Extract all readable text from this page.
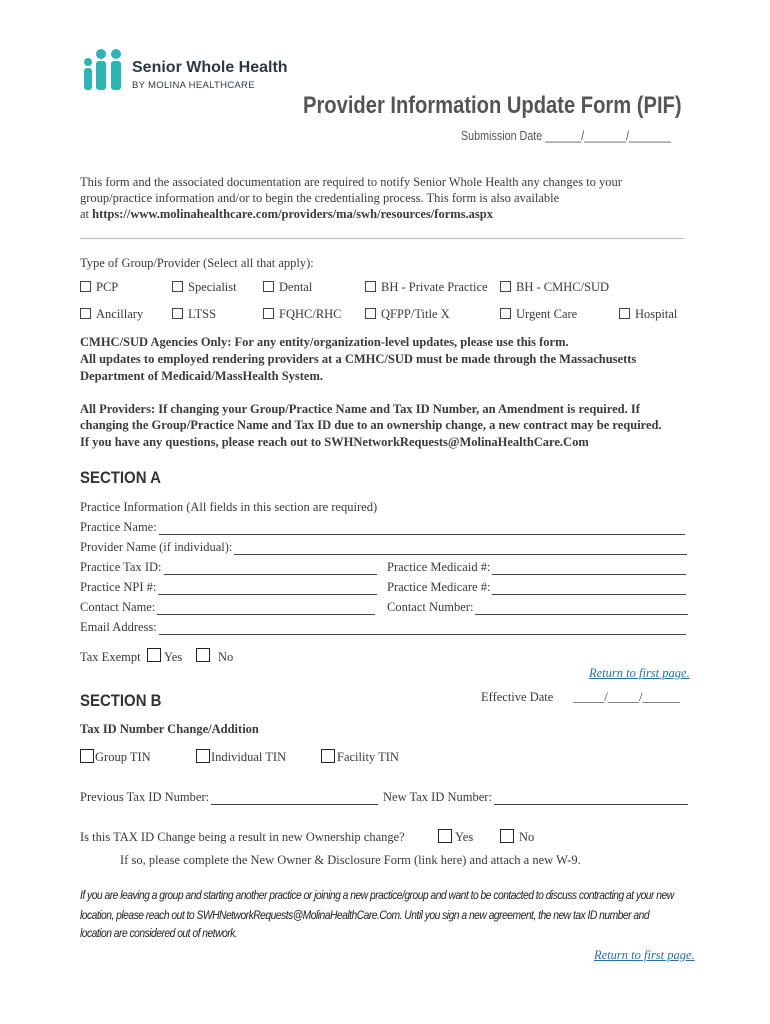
Senior Whole Health
BY MOLINA HEALTHCARE
Provider Information Update Form (PIF)
Submission Date ______/_______/_______
This form and the associated documentation are required to notify Senior Whole Health any changes to your
group/practice information and/or to begin the credentialing process. This form is also available
at https://www.molinahealthcare.com/providers/ma/swh/resources/forms.aspx
Type of Group/Provider (Select all that apply):
PCP	Specialist	Dental	BH - Private Practice	BH - CMHC/SUD
Ancillary	LTSS	FQHC/RHC	QFPP/Title X	Urgent Care	Hospital
CMHC/SUD Agencies Only: For any entity/organization-level updates, please use this form.
All updates to employed rendering providers at a CMHC/SUD must be made through the Massachusetts
Department of Medicaid/MassHealth System.
All Providers: If changing your Group/Practice Name and Tax ID Number, an Amendment is required. If
changing the Group/Practice Name and Tax ID due to an ownership change, a new contract may be required.
If you have any questions, please reach out to SWHNetworkRequests@MolinaHealthCare.Com
SECTION A
Practice Information (All fields in this section are required)
Practice Name:
Provider Name (if individual):
Practice Tax ID:	Practice Medicaid #:
Practice NPI #:	Practice Medicare #:
Contact Name:	Contact Number:
Email Address:
Tax Exempt Yes	No
Return to first page.
SECTION B	Effective Date _____/_____/______
Tax ID Number Change/Addition
Group TIN	Individual TIN	Facility TIN
Previous Tax ID Number:	New Tax ID Number:
Is this TAX ID Change being a result in new Ownership change?	Yes	No
If so, please complete the New Owner & Disclosure Form (link here) and attach a new W-9.
If you are leaving a group and starting another practice or joining a new practice/group and want to be contacted to discuss contracting at your new
location, please reach out to SWHNetworkRequests@MolinaHealthCare.Com. Until you sign a new agreement, the new tax ID number and
location are considered out of network.
Return to first page.
